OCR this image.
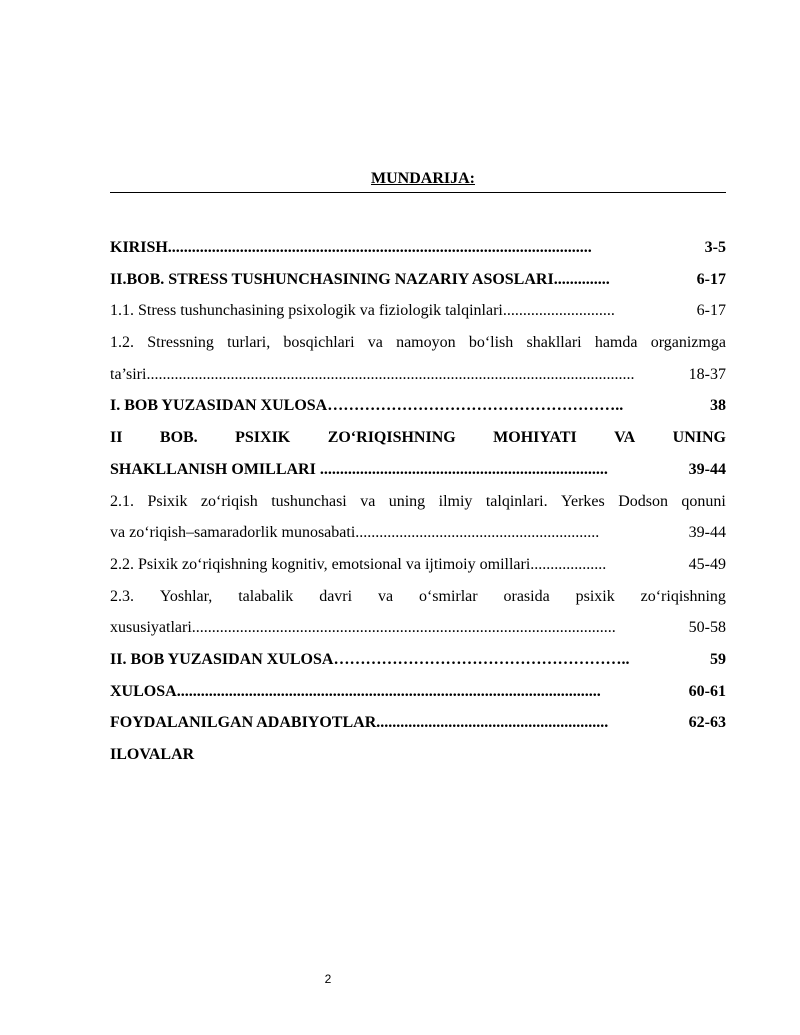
MUNDARIJA:
KIRISH ..........................................................................................................	3-5
II.BOB. STRESS TUSHUNCHASINING NAZARIY ASOSLARI ..............	6-17
1.1. Stress tushunchasining psixologik va fiziologik talqinlari ............................	6-17
1.2. Stressning turlari, bosqichlari va namoyon bo‘lish shakllari hamda organizmga
ta’siri ..........................................................................................................................	18-37
I. BOB YUZASIDAN XULOSA ………………………………………………..	38
II BOB. PSIXIK ZO‘RIQISHNING MOHIYATI VA UNING
SHAKLLANISH OMILLARI ........................................................................	39-44
2.1. Psixik zo‘riqish tushunchasi va uning ilmiy talqinlari. Yerkes Dodson qonuni
va zo‘riqish–samaradorlik munosabati .............................................................	39-44
2.2. Psixik zo‘riqishning kognitiv, emotsional va ijtimoiy omillari ...................	45-49
2.3. Yoshlar, talabalik davri va o‘smirlar orasida psixik zo‘riqishning
xususiyatlari ..........................................................................................................	50-58
II. BOB YUZASIDAN XULOSA ………………………………………………..	59
XULOSA ..........................................................................................................	60-61
FOYDALANILGAN ADABIYOTLAR ..........................................................	62-63
ILOVALAR
2
